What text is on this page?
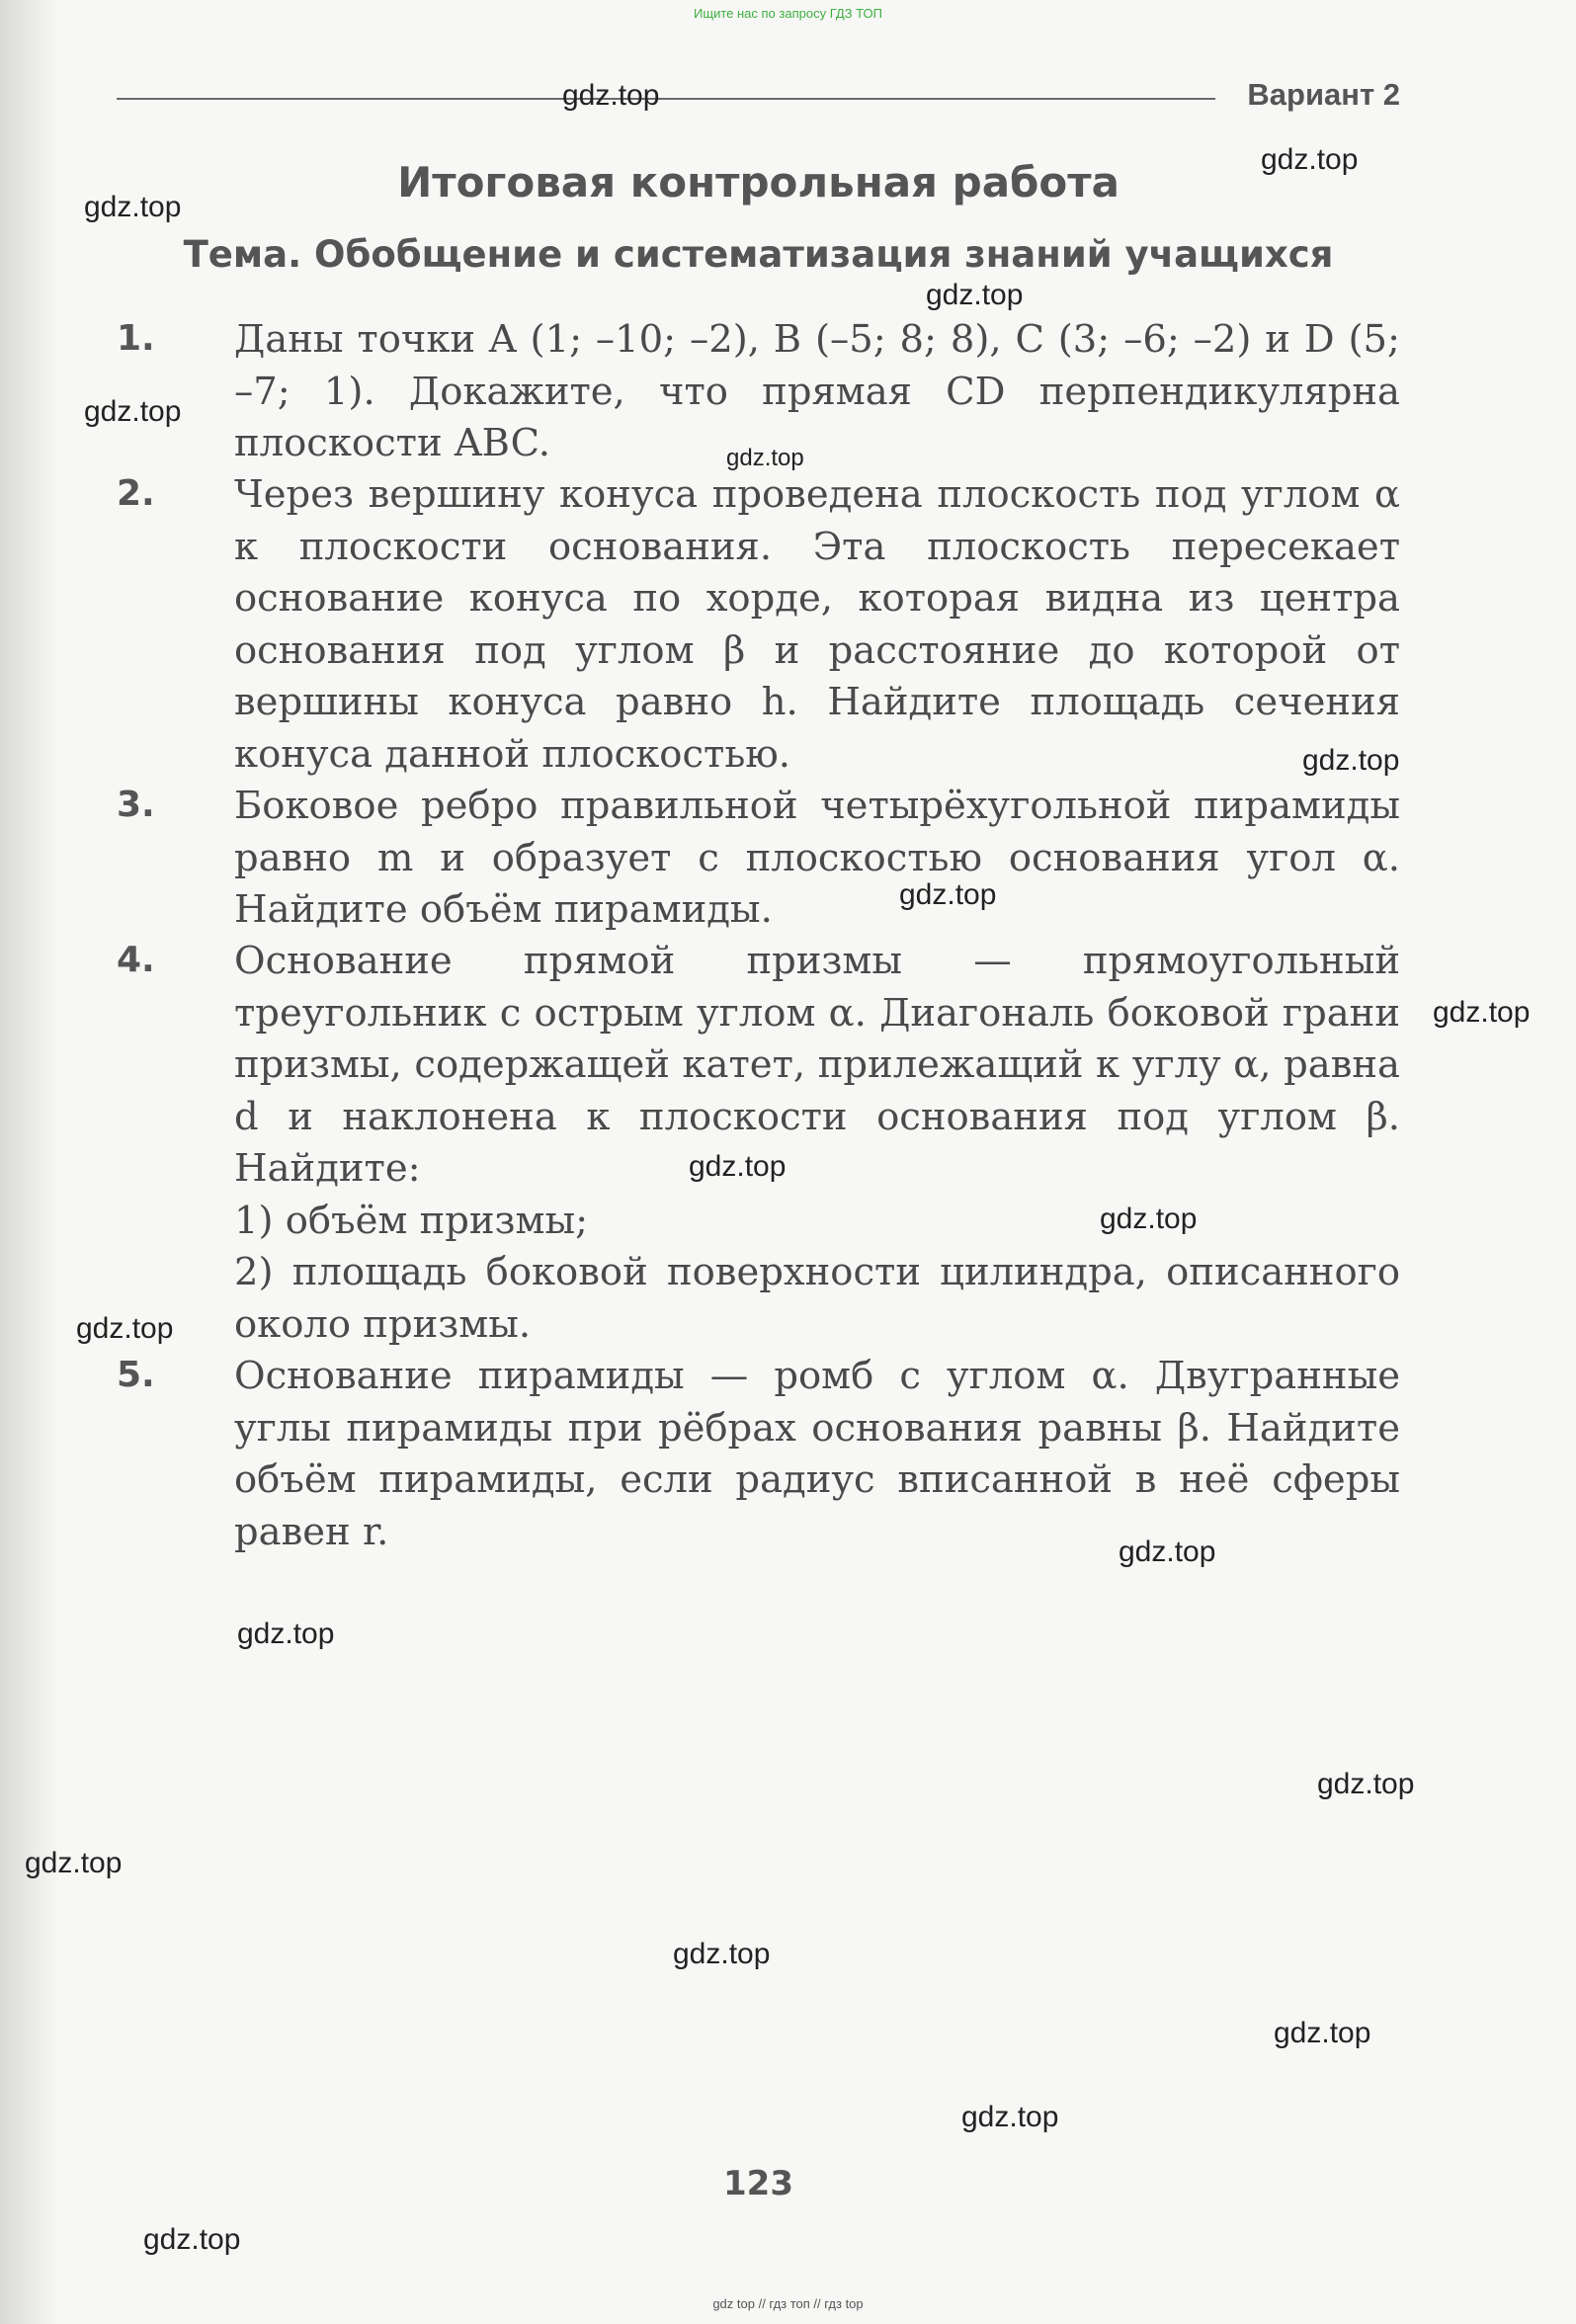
Ищите нас по запросу ГДЗ ТОП
Вариант 2
Итоговая контрольная работа
Тема. Обобщение и систематизация знаний учащихся
1. Даны точки A (1; –10; –2), B (–5; 8; 8), C (3; –6; –2) и D (5; –7; 1). Докажите, что прямая CD перпендикулярна плоскости ABC.
2. Через вершину конуса проведена плоскость под углом α к плоскости основания. Эта плоскость пересекает основание конуса по хорде, которая видна из центра основания под углом β и расстояние до которой от вершины конуса равно h. Найдите площадь сечения конуса данной плоскостью.
3. Боковое ребро правильной четырёхугольной пирамиды равно m и образует с плоскостью основания угол α. Найдите объём пирамиды.
4. Основание прямой призмы — прямоугольный треугольник с острым углом α. Диагональ боковой грани призмы, содержащей катет, прилежащий к углу α, равна d и наклонена к плоскости основания под углом β. Найдите:
1) объём призмы;
2) площадь боковой поверхности цилиндра, описанного около призмы.
5. Основание пирамиды — ромб с углом α. Двугранные углы пирамиды при рёбрах основания равны β. Найдите объём пирамиды, если радиус вписанной в неё сферы равен r.
123
gdz top // гдз топ // гдз top
gdz.top
gdz.top
gdz.top
gdz.top
gdz.top
gdz.top
gdz.top
gdz.top
gdz.top
gdz.top
gdz.top
gdz.top
gdz.top
gdz.top
gdz.top
gdz.top
gdz.top
gdz.top
gdz.top
gdz.top
